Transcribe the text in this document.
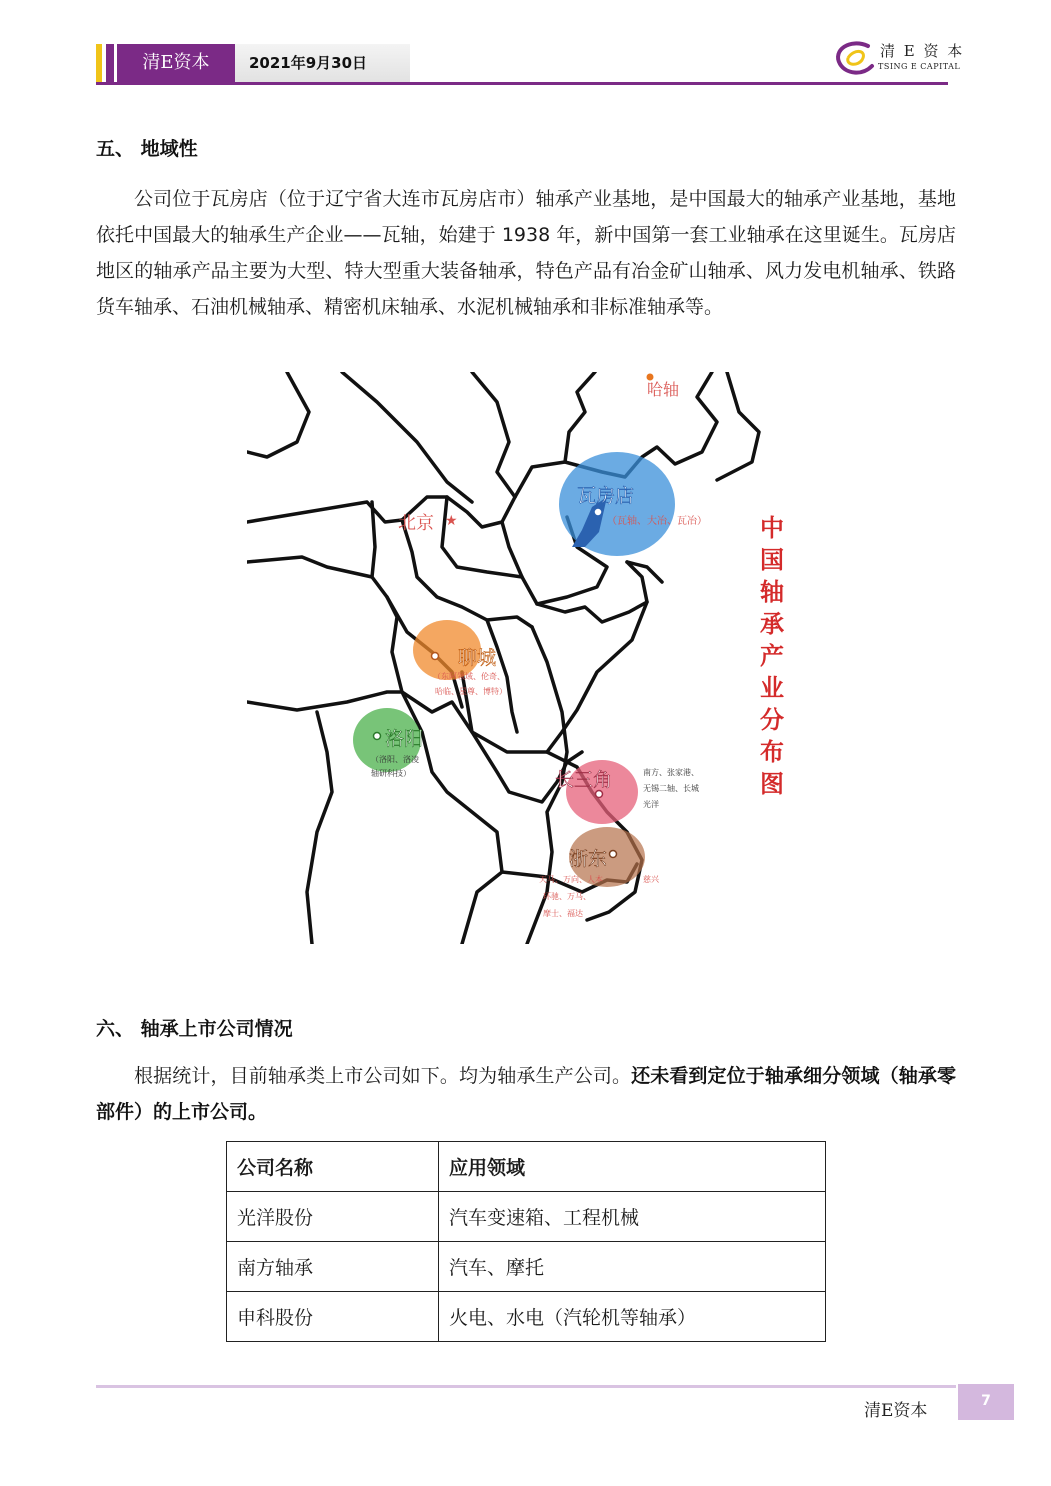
清E资本	2021年9月30日
清 E 资 本
TSING E CAPITAL
五、 地域性

公司位于瓦房店（位于辽宁省大连市瓦房店市）轴承产业基地，是中国最大的轴承产业基地，基地依托中国最大的轴承生产企业——瓦轴，始建于 1938 年，新中国第一套工业轴承在这里诞生。瓦房店地区的轴承产品主要为大型、特大型重大装备轴承，特色产品有冶金矿山轴承、风力发电机轴承、铁路货车轴承、石油机械轴承、精密机床轴承、水泥机械轴承和非标准轴承等。

哈轴
瓦房店
（瓦轴、大冶、瓦冶）
北京 ★
聊城
（东阿领域、伦奇、
哈临、星尊、博特）
洛阳
（洛阳、洛凌
轴研科技）	长三角	南方、张家港、
无锡二轴、长城
光洋
浙东
天马、万向、人本
环驰、万马、
摩士、福达
慈兴
中国轴承产业分布图
六、 轴承上市公司情况

根据统计，目前轴承类上市公司如下。均为轴承生产公司。还未看到定位于轴承细分领域（轴承零部件）的上市公司。

公司名称	应用领域
光洋股份	汽车变速箱、工程机械
南方轴承	汽车、摩托
申科股份	火电、水电（汽轮机等轴承）
清E资本	7
